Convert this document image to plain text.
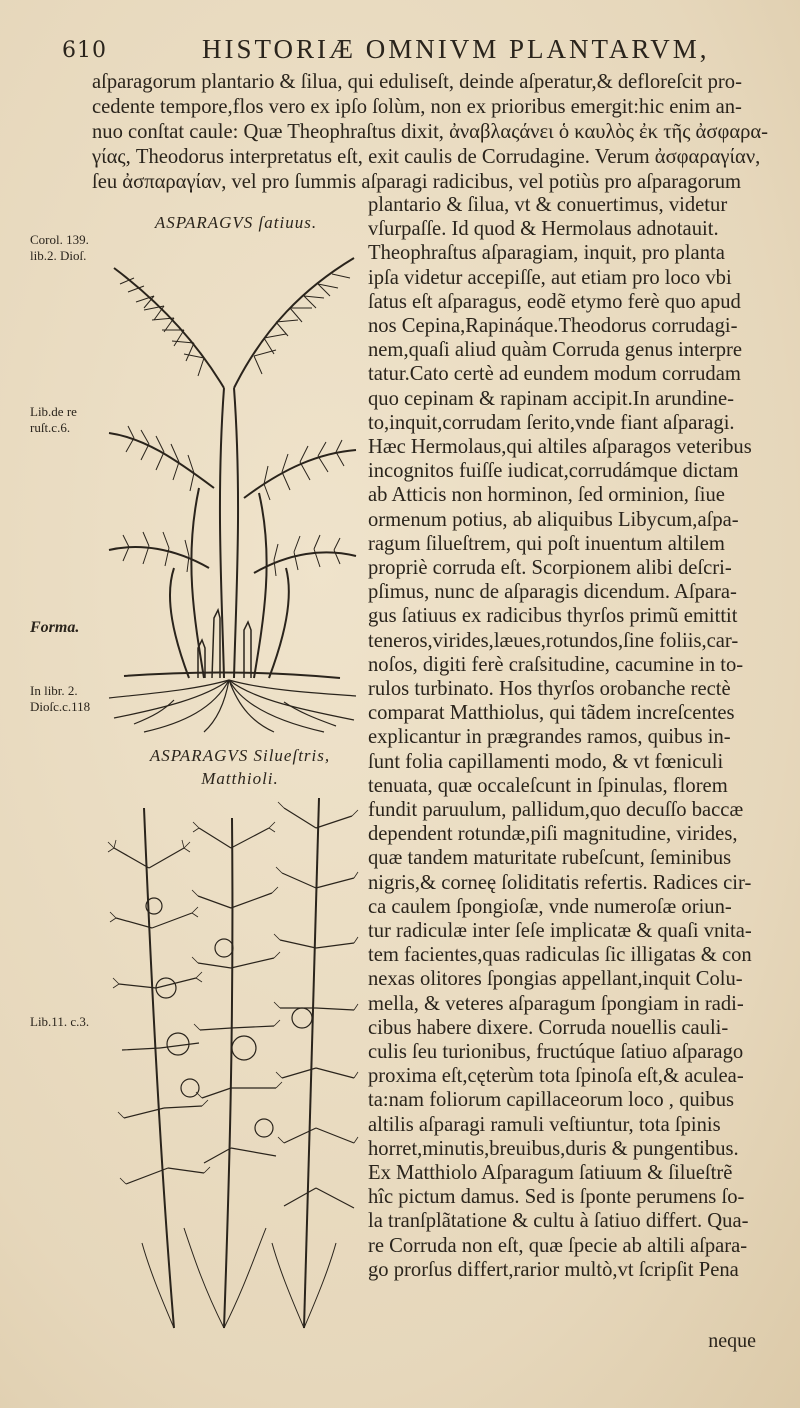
610	HISTORIÆ OMNIVM PLANTARVM,
aſparagorum plantario & ſilua, qui eduliseſt, deinde aſperatur,& defloreſcit pro-
cedente tempore,flos vero ex ipſo ſolùm, non ex prioribus emergit:hic enim an-
nuo conſtat caule: Quæ Theophraſtus dixit, ἀναβλαςάνει ὁ καυλὸς ἐκ τῆς ἀσφαρα-
γίας, Theodorus interpretatus eſt, exit caulis de Corrudagine. Verum ἀσφαραγίαν,
ſeu ἀσπαραγίαν, vel pro ſummis aſparagi radicibus, vel potiùs pro aſparagorum
plantario & ſilua, vt & conuertimus, videtur
vſurpaſſe. Id quod & Hermolaus adnotauit.
Theophraſtus aſparagiam, inquit, pro planta
ipſa videtur accepiſſe, aut etiam pro loco vbi
ſatus eſt aſparagus, eodẽ etymo ferè quo apud
nos Cepina,Rapináque.Theodorus corrudagi-
nem,quaſi aliud quàm Corruda genus interpre
tatur.Cato certè ad eundem modum corrudam
quo cepinam & rapinam accipit.In arundine-
to,inquit,corrudam ſerito,vnde fiant aſparagi.
Hæc Hermolaus,qui altiles aſparagos veteribus
incognitos fuiſſe iudicat,corrudámque dictam
ab Atticis non horminon, ſed orminion, ſiue
ormenum potius, ab aliquibus Libycum,aſpa-
ragum ſilueſtrem, qui poſt inuentum altilem
propriè corruda eſt. Scorpionem alibi deſcri-
pſimus, nunc de aſparagis dicendum. Aſpara-
gus ſatiuus ex radicibus thyrſos primũ emittit
teneros,virides,læues,rotundos,ſine foliis,car-
noſos, digiti ferè craſsitudine, cacumine in to-
rulos turbinato. Hos thyrſos orobanche rectè
comparat Matthiolus, qui tãdem increſcentes
explicantur in prægrandes ramos, quibus in-
ſunt folia capillamenti modo, & vt fœniculi
tenuata, quæ occaleſcunt in ſpinulas, florem
fundit paruulum, pallidum,quo decuſſo baccæ
dependent rotundæ,piſi magnitudine, virides,
quæ tandem maturitate rubeſcunt, ſeminibus
nigris,& corneę ſoliditatis refertis. Radices cir-
ca caulem ſpongioſæ, vnde numeroſæ oriun-
tur radiculæ inter ſeſe implicatæ & quaſi vnita-
tem facientes,quas radiculas ſic illigatas & con
nexas olitores ſpongias appellant,inquit Colu-
mella, & veteres aſparagum ſpongiam in radi-
cibus habere dixere. Corruda nouellis cauli-
culis ſeu turionibus, fructúque ſatiuo aſparago
proxima eſt,cęterùm tota ſpinoſa eſt,& aculea-
ta:nam foliorum capillaceorum loco , quibus
altilis aſparagi ramuli veſtiuntur, tota ſpinis
horret,minutis,breuibus,duris & pungentibus.
Ex Matthiolo Aſparagum ſatiuum & ſilueſtrẽ
hîc pictum damus. Sed is ſponte perumens ſo-
la tranſplãtatione & cultu à ſatiuo differt. Qua-
re Corruda non eſt, quæ ſpecie ab altili aſpara-
go prorſus differt,rarior multò,vt ſcripſit Pena
neque
Corol. 139.
lib.2. Dioſ.
Lib.de re
ruſt.c.6.
Forma.
In libr. 2.
Dioſc.c.118
Lib.11. c.3.
ASPARAGVS ſatiuus.
ASPARAGVS Silueſtris,
Matthioli.
